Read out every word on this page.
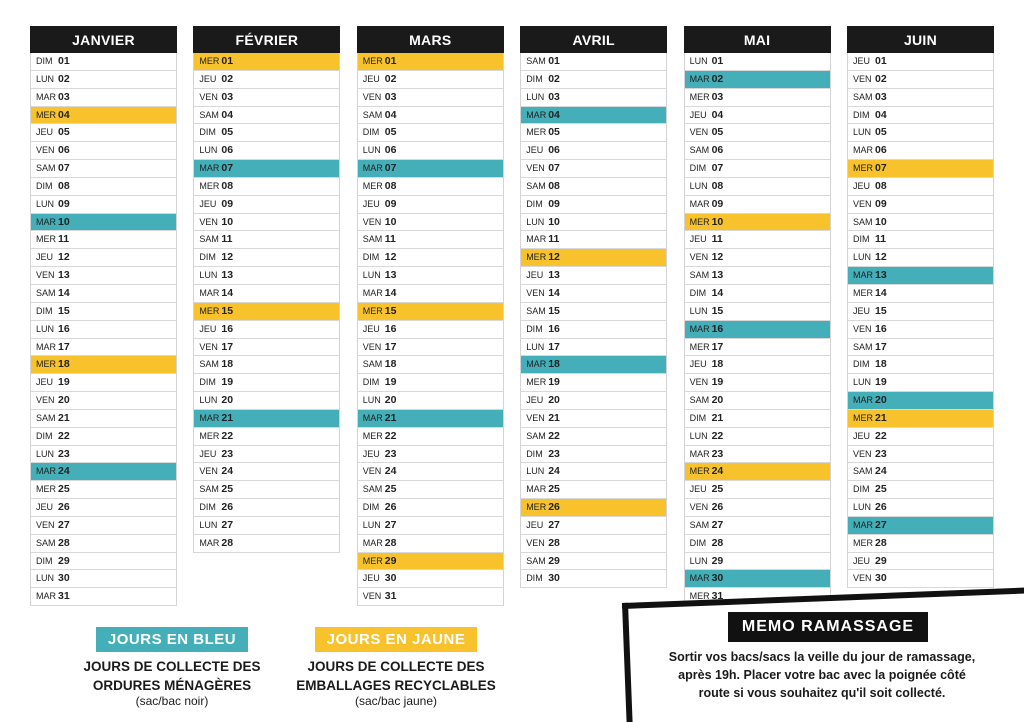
JANVIER
DIM 01
LUN 02
MAR 03
MER 04
JEU 05
VEN 06
SAM 07
DIM 08
LUN 09
MAR 10
MER 11
JEU 12
VEN 13
SAM 14
DIM 15
LUN 16
MAR 17
MER 18
JEU 19
VEN 20
SAM 21
DIM 22
LUN 23
MAR 24
MER 25
JEU 26
VEN 27
SAM 28
DIM 29
LUN 30
MAR 31
FÉVRIER
MER 01
JEU 02
VEN 03
SAM 04
DIM 05
LUN 06
MAR 07
MER 08
JEU 09
VEN 10
SAM 11
DIM 12
LUN 13
MAR 14
MER 15
JEU 16
VEN 17
SAM 18
DIM 19
LUN 20
MAR 21
MER 22
JEU 23
VEN 24
SAM 25
DIM 26
LUN 27
MAR 28
MARS
MER 01
JEU 02
VEN 03
SAM 04
DIM 05
LUN 06
MAR 07
MER 08
JEU 09
VEN 10
SAM 11
DIM 12
LUN 13
MAR 14
MER 15
JEU 16
VEN 17
SAM 18
DIM 19
LUN 20
MAR 21
MER 22
JEU 23
VEN 24
SAM 25
DIM 26
LUN 27
MAR 28
MER 29
JEU 30
VEN 31
AVRIL
SAM 01
DIM 02
LUN 03
MAR 04
MER 05
JEU 06
VEN 07
SAM 08
DIM 09
LUN 10
MAR 11
MER 12
JEU 13
VEN 14
SAM 15
DIM 16
LUN 17
MAR 18
MER 19
JEU 20
VEN 21
SAM 22
DIM 23
LUN 24
MAR 25
MER 26
JEU 27
VEN 28
SAM 29
DIM 30
MAI
LUN 01
MAR 02
MER 03
JEU 04
VEN 05
SAM 06
DIM 07
LUN 08
MAR 09
MER 10
JEU 11
VEN 12
SAM 13
DIM 14
LUN 15
MAR 16
MER 17
JEU 18
VEN 19
SAM 20
DIM 21
LUN 22
MAR 23
MER 24
JEU 25
VEN 26
SAM 27
DIM 28
LUN 29
MAR 30
MER 31
JUIN
JEU 01
VEN 02
SAM 03
DIM 04
LUN 05
MAR 06
MER 07
JEU 08
VEN 09
SAM 10
DIM 11
LUN 12
MAR 13
MER 14
JEU 15
VEN 16
SAM 17
DIM 18
LUN 19
MAR 20
MER 21
JEU 22
VEN 23
SAM 24
DIM 25
LUN 26
MAR 27
MER 28
JEU 29
VEN 30
JOURS EN BLEU
JOURS DE COLLECTE DES
ORDURES MÉNAGÈRES
(sac/bac noir)
JOURS EN JAUNE
JOURS DE COLLECTE DES
EMBALLAGES RECYCLABLES
(sac/bac jaune)
MEMO RAMASSAGE
Sortir vos bacs/sacs la veille du jour de ramassage,
après 19h. Placer votre bac avec la poignée côté
route si vous souhaitez qu'il soit collecté.
